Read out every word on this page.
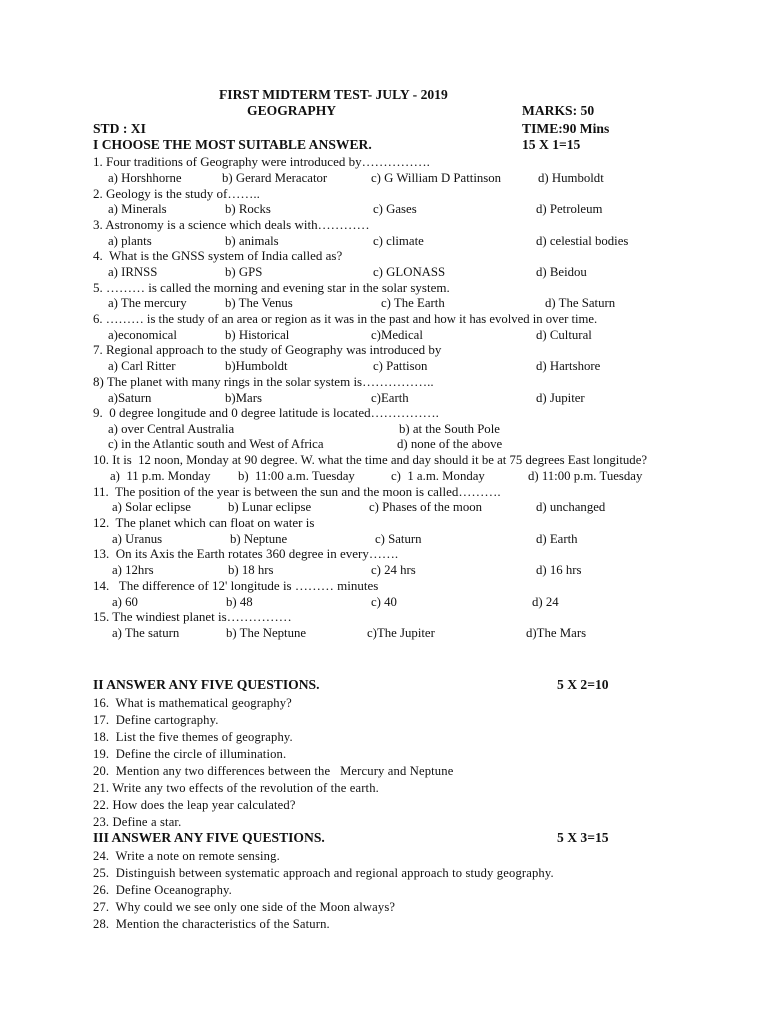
FIRST MIDTERM TEST- JULY - 2019
GEOGRAPHY	MARKS: 50
STD : XI	TIME:90 Mins
I CHOOSE THE MOST SUITABLE ANSWER.	15 X 1=15
1. Four traditions of Geography were introduced by…………….
a) Horshhorne	b) Gerard Meracator	c) G William D Pattinson	d) Humboldt
2. Geology is the study of……..
a) Minerals	b) Rocks	c) Gases	d) Petroleum
3. Astronomy is a science which deals with…………
a) plants	b) animals	c) climate	d) celestial bodies
4.  What is the GNSS system of India called as?
a) IRNSS	b) GPS	c) GLONASS	d) Beidou
5. ……… is called the morning and evening star in the solar system.
a) The mercury	b) The Venus	c) The Earth	d) The Saturn
6. ……… is the study of an area or region as it was in the past and how it has evolved in over time.
a)economical	b) Historical	c)Medical	d) Cultural
7. Regional approach to the study of Geography was introduced by
a) Carl Ritter	b)Humboldt	c) Pattison	d) Hartshore
8) The planet with many rings in the solar system is……………..
a)Saturn	b)Mars	c)Earth	d) Jupiter
9.  0 degree longitude and 0 degree latitude is located…………….
a) over Central Australia	b) at the South Pole
c) in the Atlantic south and West of Africa	d) none of the above
10. It is  12 noon, Monday at 90 degree. W. what the time and day should it be at 75 degrees East longitude?
a)  11 p.m. Monday b)  11:00 a.m. Tuesday	c)  1 a.m. Monday	d) 11:00 p.m. Tuesday
11.  The position of the year is between the sun and the moon is called……….
a) Solar eclipse	b) Lunar eclipse	c) Phases of the moon	d) unchanged
12.  The planet which can float on water is
a) Uranus	b) Neptune	c) Saturn	d) Earth
13.  On its Axis the Earth rotates 360 degree in every…….
a) 12hrs	b) 18 hrs	c) 24 hrs	d) 16 hrs
14.   The difference of 12' longitude is ……… minutes
a) 60	b) 48	c) 40	d) 24
15. The windiest planet is……………
a) The saturn	b) The Neptune	c)The Jupiter	d)The Mars
II ANSWER ANY FIVE QUESTIONS.	5 X 2=10
16.  What is mathematical geography?
17.  Define cartography.
18.  List the five themes of geography.
19.  Define the circle of illumination.
20.  Mention any two differences between the   Mercury and Neptune
21. Write any two effects of the revolution of the earth.
22. How does the leap year calculated?
23. Define a star.
III ANSWER ANY FIVE QUESTIONS.	5 X 3=15
24.  Write a note on remote sensing.
25.  Distinguish between systematic approach and regional approach to study geography.
26.  Define Oceanography.
27.  Why could we see only one side of the Moon always?
28.  Mention the characteristics of the Saturn.
